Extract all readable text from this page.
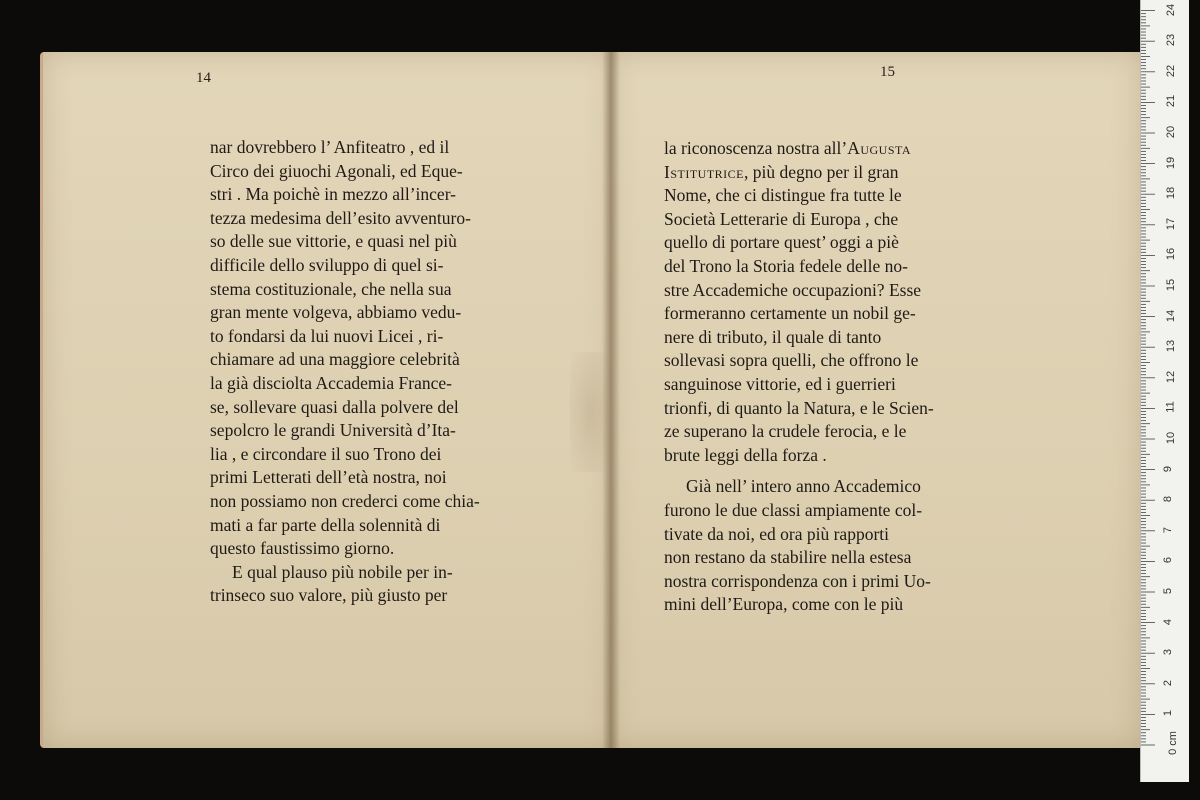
14	15
nar dovrebbero l’ Anfiteatro , ed il
Circo dei giuochi Agonali, ed Eque-
stri . Ma poichè in mezzo all’incer-
tezza medesima dell’esito avventuro-
so delle sue vittorie, e quasi nel più
difficile dello sviluppo di quel si-
stema costituzionale, che nella sua
gran mente volgeva, abbiamo vedu-
to fondarsi da lui nuovi Licei , ri-
chiamare ad una maggiore celebrità
la già disciolta Accademia France-
se, sollevare quasi dalla polvere del
sepolcro le grandi Università d’Ita-
lia , e circondare il suo Trono dei
primi Letterati dell’età nostra, noi
non possiamo non crederci come chia-
mati a far parte della solennità di
questo faustissimo giorno.
E qual plauso più nobile per in-
trinseco suo valore, più giusto per
la riconoscenza nostra all’Augusta
Istitutrice, più degno per il gran
Nome, che ci distingue fra tutte le
Società Letterarie di Europa , che
quello di portare quest’ oggi a piè
del Trono la Storia fedele delle no-
stre Accademiche occupazioni? Esse
formeranno certamente un nobil ge-
nere di tributo, il quale di tanto
sollevasi sopra quelli, che offrono le
sanguinose vittorie, ed i guerrieri
trionfi, di quanto la Natura, e le Scien-
ze superano la crudele ferocia, e le
brute leggi della forza .
Già nell’ intero anno Accademico
furono le due classi ampiamente col-
tivate da noi, ed ora più rapporti
non restano da stabilire nella estesa
nostra corrispondenza con i primi Uo-
mini dell’Europa, come con le più
0 cm
1
2
3
4
5
6
7
8
9
10
11
12
13
14
15
16
17
18
19
20
21
22
23
24
